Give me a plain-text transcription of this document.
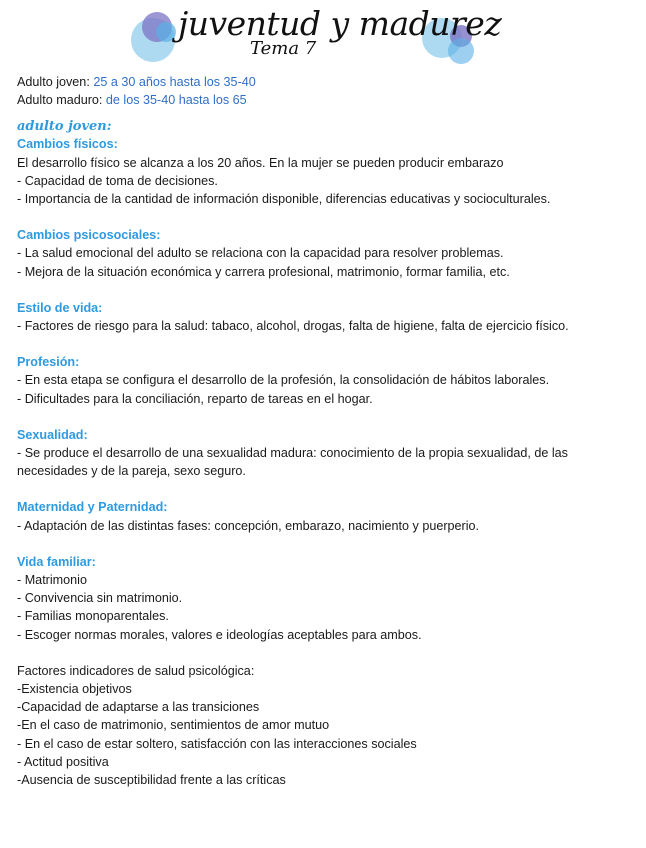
juventud y madurez
Tema 7

Adulto joven: 25 a 30 años hasta los 35-40

Adulto maduro: de los 35-40 hasta los 65

adulto joven:

Cambios físicos:

El desarrollo físico se alcanza a los 20 años. En la mujer se pueden producir embarazo
- Capacidad de toma de decisiones.
- Importancia de la cantidad de información disponible, diferencias educativas y socioculturales.

Cambios psicosociales:

- La salud emocional del adulto se relaciona con la capacidad para resolver problemas.
- Mejora de la situación económica y carrera profesional, matrimonio, formar familia, etc.

Estilo de vida:

- Factores de riesgo para la salud: tabaco, alcohol, drogas, falta de higiene, falta de ejercicio físico.

Profesión:

- En esta etapa se configura el desarrollo de la profesión, la consolidación de hábitos laborales.
- Dificultades para la conciliación, reparto de tareas en el hogar.

Sexualidad:

- Se produce el desarrollo de una sexualidad madura: conocimiento de la propia sexualidad, de las necesidades y de la pareja, sexo seguro.

Maternidad y Paternidad:

- Adaptación de las distintas fases: concepción, embarazo, nacimiento y puerperio.

Vida familiar:

- Matrimonio
- Convivencia sin matrimonio.
- Familias monoparentales.
- Escoger normas morales, valores e ideologías aceptables para ambos.

Factores indicadores de salud psicológica:

-Existencia objetivos
-Capacidad de adaptarse a las transiciones
-En el caso de matrimonio, sentimientos de amor mutuo
- En el caso de estar soltero, satisfacción con las interacciones sociales
- Actitud positiva
-Ausencia de susceptibilidad frente a las críticas
